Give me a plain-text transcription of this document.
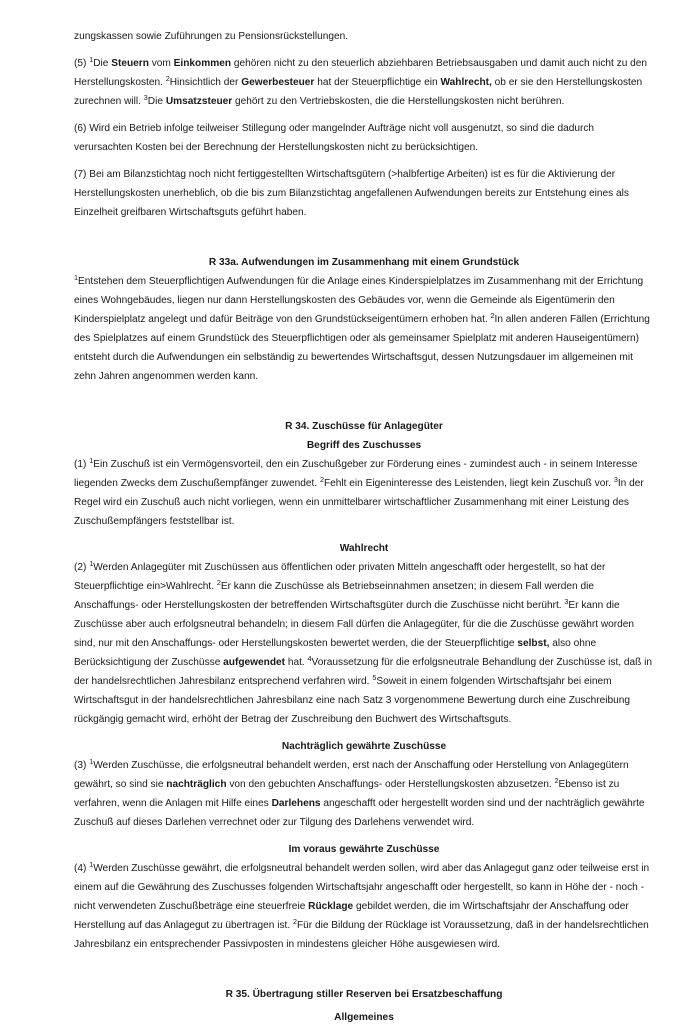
zungskassen sowie Zuführungen zu Pensionsrückstellungen.

(5) $^1$Die Steuern vom Einkommen gehören nicht zu den steuerlich abziehbaren Betriebsausgaben und damit auch nicht zu den Herstellungskosten. $^2$Hinsichtlich der Gewerbesteuer hat der Steuerpflichtige ein Wahlrecht, ob er sie den Herstellungskosten zurechnen will. $^3$Die Umsatzsteuer gehört zu den Vertriebskosten, die die Herstellungskosten nicht berühren.

(6) Wird ein Betrieb infolge teilweiser Stillegung oder mangelnder Aufträge nicht voll ausgenutzt, so sind die dadurch verursachten Kosten bei der Berechnung der Herstellungskosten nicht zu berücksichtigen.

(7) Bei am Bilanzstichtag noch nicht fertiggestellten Wirtschaftsgütern (>halbfertige Arbeiten) ist es für die Aktivierung der Herstellungskosten unerheblich, ob die bis zum Bilanzstichtag angefallenen Aufwendungen bereits zur Entstehung eines als Einzelheit greifbaren Wirtschaftsguts geführt haben.

R 33a. Aufwendungen im Zusammenhang mit einem Grundstück

$^1$Entstehen dem Steuerpflichtigen Aufwendungen für die Anlage eines Kinderspielplatzes im Zusammenhang mit der Errichtung eines Wohngebäudes, liegen nur dann Herstellungskosten des Gebäudes vor, wenn die Gemeinde als Eigentümerin den Kinderspielplatz angelegt und dafür Beiträge von den Grundstückseigentümern erhoben hat. $^2$In allen anderen Fällen (Errichtung des Spielplatzes auf einem Grundstück des Steuerpflichtigen oder als gemeinsamer Spielplatz mit anderen Hauseigentümern) entsteht durch die Aufwendungen ein selbständig zu bewertendes Wirtschaftsgut, dessen Nutzungsdauer im allgemeinen mit zehn Jahren angenommen werden kann.

R 34. Zuschüsse für Anlagegüter

Begriff des Zuschusses

(1) $^1$Ein Zuschuß ist ein Vermögensvorteil, den ein Zuschußgeber zur Förderung eines - zumindest auch - in seinem Interesse liegenden Zwecks dem Zuschußempfänger zuwendet. $^2$Fehlt ein Eigeninteresse des Leistenden, liegt kein Zuschuß vor. $^3$In der Regel wird ein Zuschuß auch nicht vorliegen, wenn ein unmittelbarer wirtschaftlicher Zusammenhang mit einer Leistung des Zuschußempfängers feststellbar ist.

Wahlrecht

(2) $^1$Werden Anlagegüter mit Zuschüssen aus öffentlichen oder privaten Mitteln angeschafft oder hergestellt, so hat der Steuerpflichtige ein>Wahlrecht. $^2$Er kann die Zuschüsse als Betriebseinnahmen ansetzen; in diesem Fall werden die Anschaffungs- oder Herstellungskosten der betreffenden Wirtschaftsgüter durch die Zuschüsse nicht berührt. $^3$Er kann die Zuschüsse aber auch erfolgsneutral behandeln; in diesem Fall dürfen die Anlagegüter, für die die Zuschüsse gewährt worden sind, nur mit den Anschaffungs- oder Herstellungskosten bewertet werden, die der Steuerpflichtige selbst, also ohne Berücksichtigung der Zuschüsse aufgewendet hat. $^4$Voraussetzung für die erfolgsneutrale Behandlung der Zuschüsse ist, daß in der handelsrechtlichen Jahresbilanz entsprechend verfahren wird. $^5$Soweit in einem folgenden Wirtschaftsjahr bei einem Wirtschaftsgut in der handelsrechtlichen Jahresbilanz eine nach Satz 3 vorgenommene Bewertung durch eine Zuschreibung rückgängig gemacht wird, erhöht der Betrag der Zuschreibung den Buchwert des Wirtschaftsguts.

Nachträglich gewährte Zuschüsse

(3) $^1$Werden Zuschüsse, die erfolgsneutral behandelt werden, erst nach der Anschaffung oder Herstellung von Anlagegütern gewährt, so sind sie nachträglich von den gebuchten Anschaffungs- oder Herstellungskosten abzusetzen. $^2$Ebenso ist zu verfahren, wenn die Anlagen mit Hilfe eines Darlehens angeschafft oder hergestellt worden sind und der nachträglich gewährte Zuschuß auf dieses Darlehen verrechnet oder zur Tilgung des Darlehens verwendet wird.

Im voraus gewährte Zuschüsse

(4) $^1$Werden Zuschüsse gewährt, die erfolgsneutral behandelt werden sollen, wird aber das Anlagegut ganz oder teilweise erst in einem auf die Gewährung des Zuschusses folgenden Wirtschaftsjahr angeschafft oder hergestellt, so kann in Höhe der - noch - nicht verwendeten Zuschußbeträge eine steuerfreie Rücklage gebildet werden, die im Wirtschaftsjahr der Anschaffung oder Herstellung auf das Anlagegut zu übertragen ist. $^2$Für die Bildung der Rücklage ist Voraussetzung, daß in der handelsrechtlichen Jahresbilanz ein entsprechender Passivposten in mindestens gleicher Höhe ausgewiesen wird.

R 35. Übertragung stiller Reserven bei Ersatzbeschaffung

Allgemeines
